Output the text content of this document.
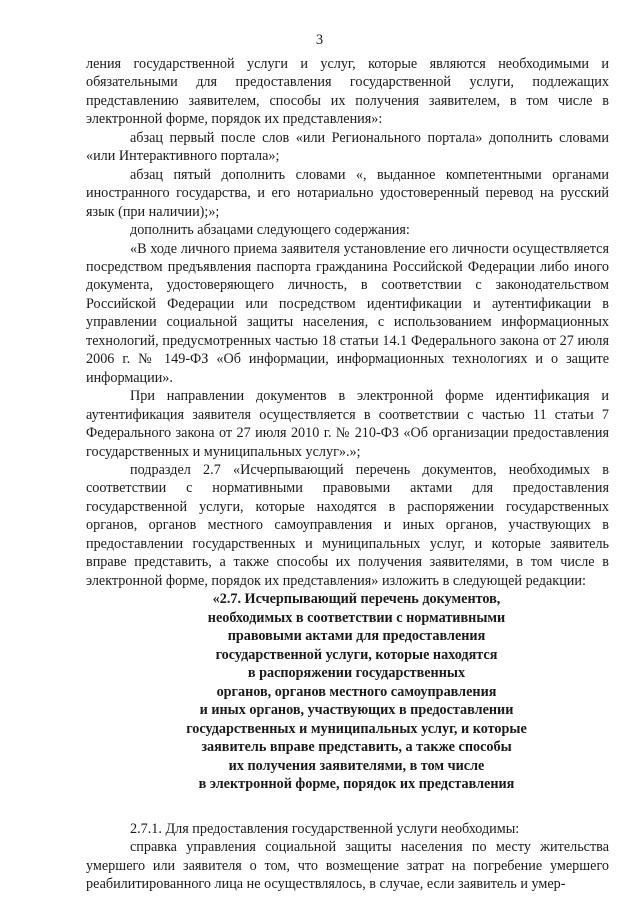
3

ления государственной услуги и услуг, которые являются необходимыми и обязательными для предоставления государственной услуги, подлежащих представлению заявителем, способы их получения заявителем, в том числе в электронной форме, порядок их представления»:

абзац первый после слов «или Регионального портала» дополнить словами «или Интерактивного портала»;

абзац пятый дополнить словами «, выданное компетентными органами иностранного государства, и его нотариально удостоверенный перевод на русский язык (при наличии);»;

дополнить абзацами следующего содержания:

«В ходе личного приема заявителя установление его личности осуществляется посредством предъявления паспорта гражданина Российской Федерации либо иного документа, удостоверяющего личность, в соответствии с законодательством Российской Федерации или посредством идентификации и аутентификации в управлении социальной защиты населения, с использованием информационных технологий, предусмотренных частью 18 статьи 14.1 Федерального закона от 27 июля 2006 г. № 149-ФЗ «Об информации, информационных технологиях и о защите информации».

При направлении документов в электронной форме идентификация и аутентификация заявителя осуществляется в соответствии с частью 11 статьи 7 Федерального закона от 27 июля 2010 г. № 210-ФЗ «Об организации предоставления государственных и муниципальных услуг».»;

подраздел 2.7 «Исчерпывающий перечень документов, необходимых в соответствии с нормативными правовыми актами для предоставления государственной услуги, которые находятся в распоряжении государственных органов, органов местного самоуправления и иных органов, участвующих в предоставлении государственных и муниципальных услуг, и которые заявитель вправе представить, а также способы их получения заявителями, в том числе в электронной форме, порядок их представления» изложить в следующей редакции:

«2.7. Исчерпывающий перечень документов,
необходимых в соответствии с нормативными
правовыми актами для предоставления
государственной услуги, которые находятся
в распоряжении государственных
органов, органов местного самоуправления
и иных органов, участвующих в предоставлении
государственных и муниципальных услуг, и которые
заявитель вправе представить, а также способы
их получения заявителями, в том числе
в электронной форме, порядок их представления

2.7.1. Для предоставления государственной услуги необходимы:

справка управления социальной защиты населения по месту жительства умершего или заявителя о том, что возмещение затрат на погребение умершего реабилитированного лица не осуществлялось, в случае, если заявитель и умер-
